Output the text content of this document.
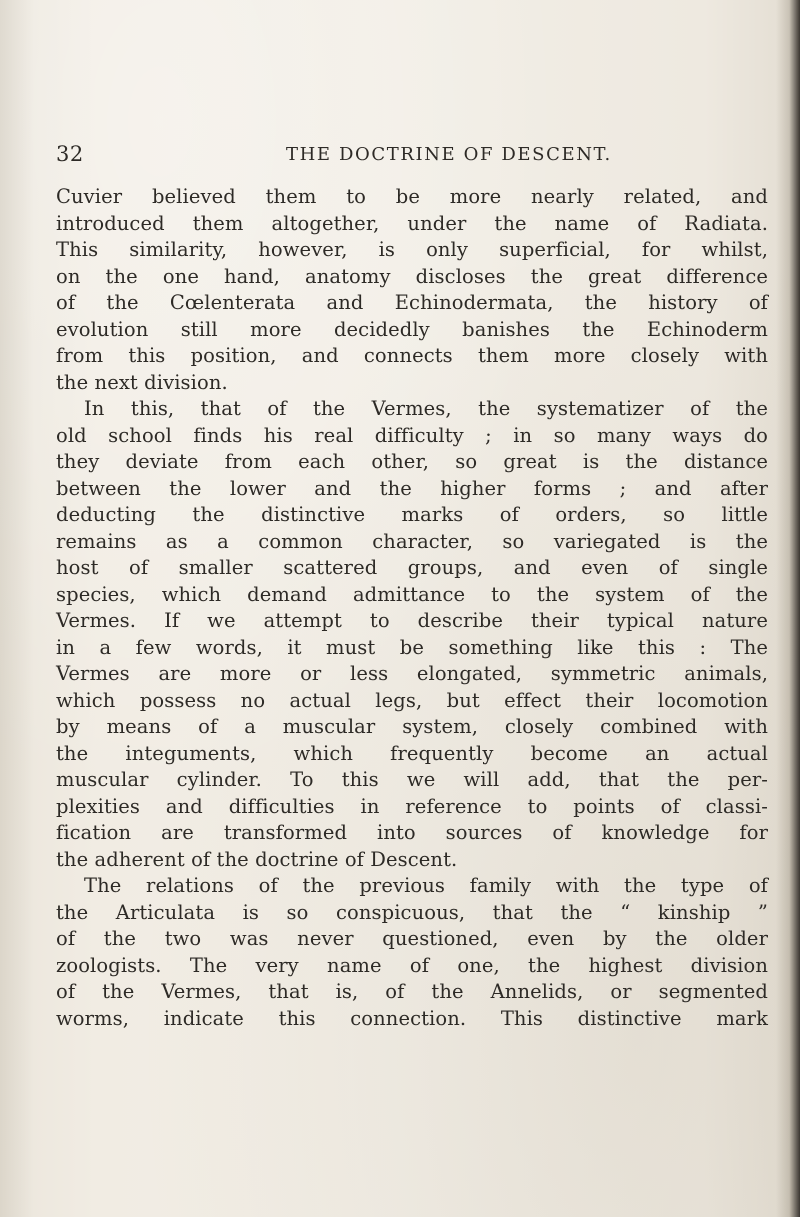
32	THE DOCTRINE OF DESCENT.
Cuvier believed them to be more nearly related, and
introduced them altogether, under the name of Radiata.
This similarity, however, is only superficial, for whilst,
on the one hand, anatomy discloses the great difference
of the Cœlenterata and Echinodermata, the history of
evolution still more decidedly banishes the Echinoderm
from this position, and connects them more closely with
the next division.
In this, that of the Vermes, the systematizer of the
old school finds his real difficulty ; in so many ways do
they deviate from each other, so great is the distance
between the lower and the higher forms ; and after
deducting the distinctive marks of orders, so little
remains as a common character, so variegated is the
host of smaller scattered groups, and even of single
species, which demand admittance to the system of the
Vermes. If we attempt to describe their typical nature
in a few words, it must be something like this : The
Vermes are more or less elongated, symmetric animals,
which possess no actual legs, but effect their locomotion
by means of a muscular system, closely combined with
the integuments, which frequently become an actual
muscular cylinder. To this we will add, that the per-
plexities and difficulties in reference to points of classi-
fication are transformed into sources of knowledge for
the adherent of the doctrine of Descent.
The relations of the previous family with the type of
the Articulata is so conspicuous, that the “ kinship ”
of the two was never questioned, even by the older
zoologists. The very name of one, the highest division
of the Vermes, that is, of the Annelids, or segmented
worms, indicate this connection. This distinctive mark
